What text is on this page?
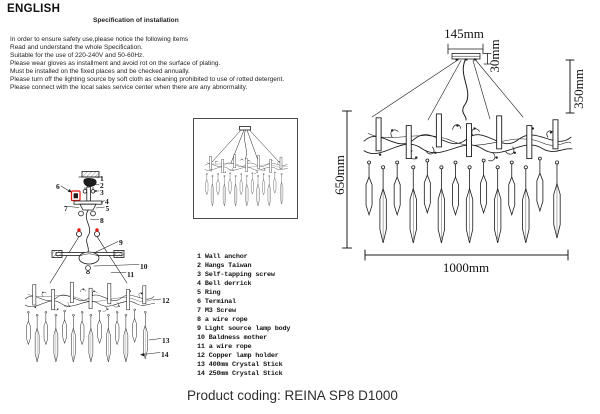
ENGLISH
Specification of installation
In order to ensure safety use,please notice the following items
Read and understand the whole Specification.
Suitable for the use of 220-240V and 50-60Hz.
Please wear gloves as installment and avoid rot on the surface of plating.
Must be installed on the fixed places and be checked annually.
Please turn off the lighting source by soft cloth as cleaning prohibited to use of rotted detergent.
Please connect with the local sales service center when there are any abnormality.
1 Wall anchor
2 Hangs Taiwan
3 Self-tapping screw
4 Bell derrick
5 Ring
6 Terminal
7 M3 Screw
8 a wire rope
9 Light source lamp body
10 Baldness mother
11 a wire rope
12 Copper lamp holder
13 400mm Crystal Stick
14 250mm Crystal Stick
1
2
3
4
5
6
7
8
9
10
11
12
13
14
145mm
30mm
350mm
650mm
1000mm
Product coding: REINA SP8 D1000
